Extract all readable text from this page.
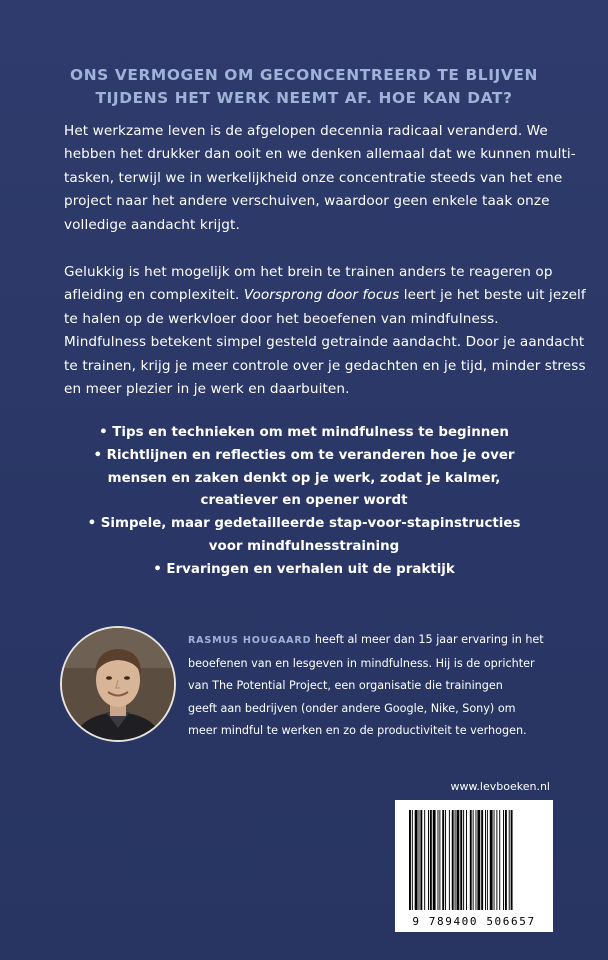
ONS VERMOGEN OM GECONCENTREERD TE BLIJVEN
TIJDENS HET WERK NEEMT AF. HOE KAN DAT?
Het werkzame leven is de afgelopen decennia radicaal veranderd. We
hebben het drukker dan ooit en we denken allemaal dat we kunnen multi-
tasken, terwijl we in werkelijkheid onze concentratie steeds van het ene
project naar het andere verschuiven, waardoor geen enkele taak onze
volledige aandacht krijgt.
Gelukkig is het mogelijk om het brein te trainen anders te reageren op
afleiding en complexiteit. Voorsprong door focus leert je het beste uit jezelf
te halen op de werkvloer door het beoefenen van mindfulness.
Mindfulness betekent simpel gesteld getrainde aandacht. Door je aandacht
te trainen, krijg je meer controle over je gedachten en je tijd, minder stress
en meer plezier in je werk en daarbuiten.
• Tips en technieken om met mindfulness te beginnen
• Richtlijnen en reflecties om te veranderen hoe je over
mensen en zaken denkt op je werk, zodat je kalmer,
creatiever en opener wordt
• Simpele, maar gedetailleerde stap-voor-stapinstructies
voor mindfulnesstraining
• Ervaringen en verhalen uit de praktijk
RASMUS HOUGAARD heeft al meer dan 15 jaar ervaring in het
beoefenen van en lesgeven in mindfulness. Hij is de oprichter
van The Potential Project, een organisatie die trainingen
geeft aan bedrijven (onder andere Google, Nike, Sony) om
meer mindful te werken en zo de productiviteit te verhogen.
www.levboeken.nl
9 789400 506657
